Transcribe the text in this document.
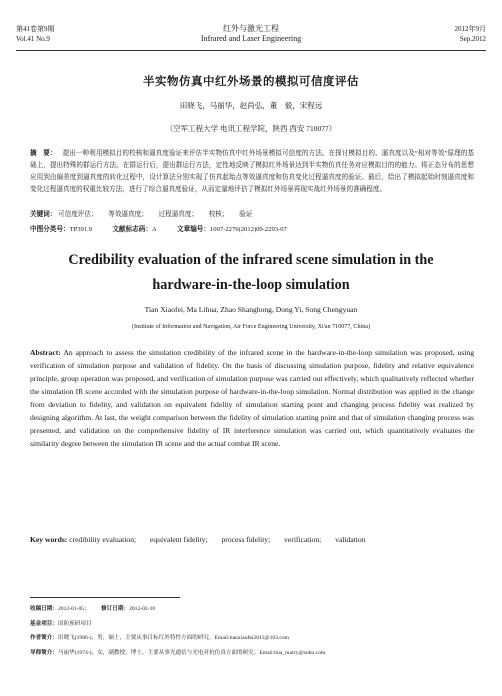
第41卷第9期
Vol.41 No.9
红外与激光工程
Infrared and Laser Engineering
2012年9月
Sep.2012
半实物仿真中红外场景的模拟可信度评估
田晓飞，马丽华，赵尚弘，董　毅，宋程远
（空军工程大学 电讯工程学院，陕西 西安 710077）
摘　要： 提出一种利用模拟目的校核和逼真度验证来评估半实物仿真中红外场景模拟可信度的方法。在探讨模拟目的、逼真度以及“相对等效”原理的基础上，提出特殊的群运行方法。在群运行后，提出群运行方法，定性地反映了模拟红外场景达到半实物仿真任务对应模拟目的的能力。将正态分布的思想应用到由偏差度到逼真度的转化过程中，设计算法分别实现了仿真起始点等效逼真度和仿真变化过程逼真度的验证。最后，给出了模拟起始时刻逼真度和变化过程逼真度的权重比较方法，进行了综合逼真度验证，从而定量地评估了模拟红外场景再现实战红外场景的准确程度。
关键词： 可信度评估； 等效逼真度； 过程逼真度； 校核； 验证
中图分类号：TP391.9	文献标志码：A	文章编号：1007-2276(2012)09-2293-07
Credibility evaluation of the infrared scene simulation in the hardware-in-the-loop simulation
Tian Xiaofei, Ma Lihua, Zhao Shanghong, Dong Yi, Song Chengyuan
(Institute of Information and Navigation, Air Force Engineering University, Xi'an 710077, China)
Abstract: An approach to assess the simulation credibility of the infrared scene in the hardware-in-the-loop simulation was proposed, using verification of simulation purpose and validation of fidelity. On the basis of discussing simulation purpose, fidelity and relative equivalence principle, group operation was proposed, and verification of simulation purpose was carried out effectively, which qualitatively reflected whether the simulation IR scene accorded with the simulation purpose of hardware-in-the-loop simulation. Normal distribution was applied in the change from deviation to fidelity, and validation on equivalent fidelity of simulation starting point and changing process fidelity was realized by designing algorithm. At last, the weight comparison between the fidelity of simulation starting point and that of simulation changing process was presented, and validation on the comprehensive fidelity of IR interference simulation was carried out, which quantitatively evaluates the similarity degree between the simulation IR scene and the actual combat IR scene.
Key words: credibility evaluation; equivalent fidelity; process fidelity; verification; validation
收稿日期：2012-01-05； 修订日期：2012-02-10
基金项目：国防预研项目
作者简介：田晓飞(1986-)，男，硕士，主要从事目标红外特性方面的研究。Email:tianxiaofei2011@163.com
导师简介：马丽华(1974-)，女，副教授，博士，主要从事光通信与光电对抗仿真方面的研究。Email:hua_marry@sohu.com
